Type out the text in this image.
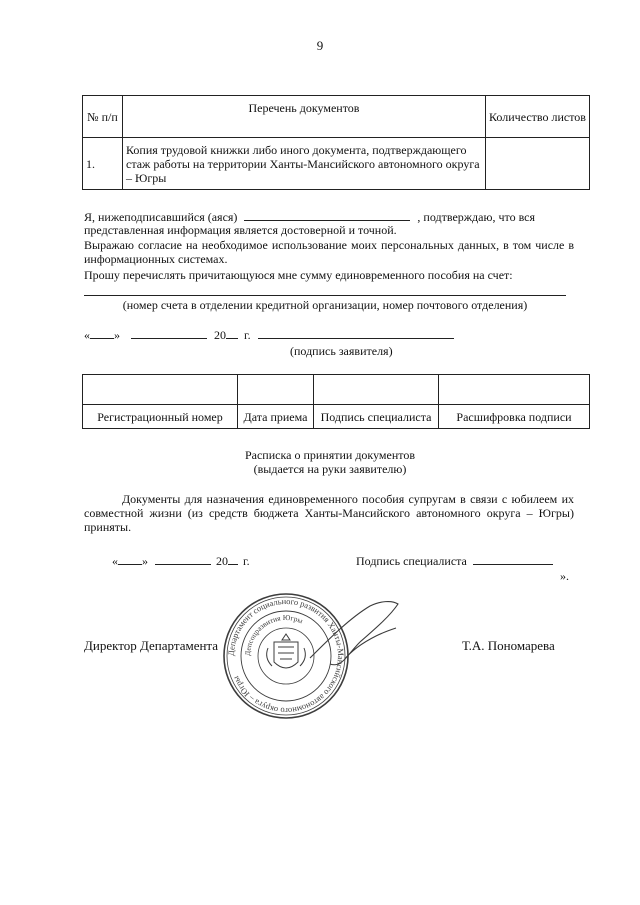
9
№ п/п	Перечень документов	Количество листов
1.	Копия трудовой книжки либо иного документа, подтверждающего стаж работы на территории Ханты-Мансийского автономного округа – Югры	
Я, нижеподписавшийся (аяся)	, подтверждаю, что вся
представленная информация является достоверной и точной.
Выражаю согласие на необходимое использование моих персональных данных, в том числе в информационных системах.
Прошу перечислять причитающуюся мне сумму единовременного пособия на счет:
(номер счета в отделении кредитной организации, номер почтового отделения)
« »	20 г.
(подпись заявителя)

Регистрационный номер	Дата приема	Подпись специалиста	Расшифровка подписи
Расписка о принятии документов
(выдается на руки заявителю)
Документы для назначения единовременного пособия супругам в связи с юбилеем их совместной жизни (из средств бюджета Ханты-Мансийского автономного округа – Югры) приняты.
« »	20 г.	Подпись специалиста
».
Департамент социального развития Ханты-Мансийского автономного округа – Югры
Депсоцразвития Югры
Директор Департамента	Т.А. Пономарева
